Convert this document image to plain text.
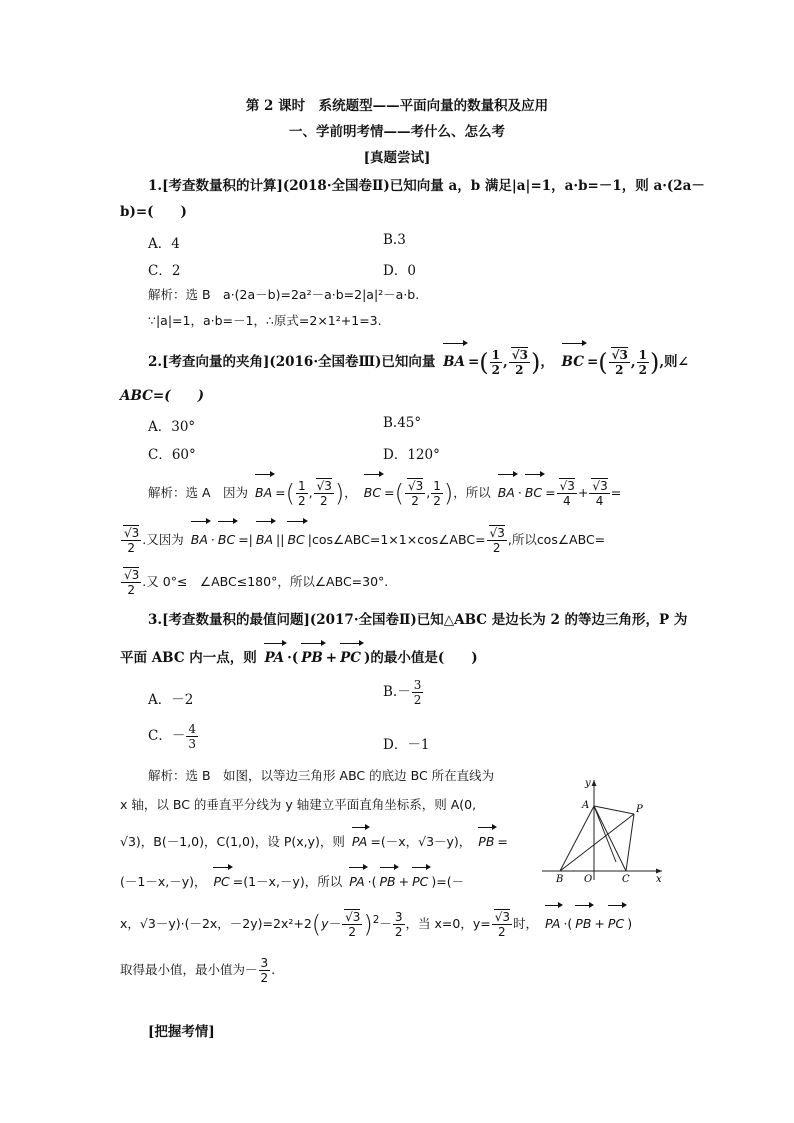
第 2 课时　系统题型——平面向量的数量积及应用
一、学前明考情——考什么、怎么考
[真题尝试]
1.[考查数量积的计算](2018·全国卷Ⅱ)已知向量 a，b 满足|a|=1，a·b=－1，则 a·(2a－
b)=(　　)
A．4	B.3
C．2	D．0
解析：选 B　a·(2a－b)=2a²－a·b=2|a|²－a·b.
∵|a|=1，a·b=－1，∴原式=2×1²+1=3.
2.[考查向量的夹角](2016·全国卷Ⅲ)已知向量 BA =( $\frac{1}{2}$ , $\frac{√3}{2}$ )， BC =( $\frac{√3}{2}$ , $\frac{1}{2}$ ),则∠
ABC=(　　)
A．30°	B.45°
C．60°	D．120°
解析：选 A　因为 BA =( $\frac{1}{2}$ , $\frac{√3}{2}$ )， BC =( $\frac{√3}{2}$ , $\frac{1}{2}$ )，所以 BA · BC = $\frac{√3}{4} + \frac{√3}{4}$ =
$\frac{√3}{2}$ .又因为 BA · BC =| BA || BC |cos∠ABC=1×1×cos∠ABC= $\frac{√3}{2}$ ,所以cos∠ABC=
$\frac{√3}{2}$ .又 0°≤　∠ABC≤180°，所以∠ABC=30°.
3.[考查数量积的最值问题](2017·全国卷Ⅱ)已知△ABC 是边长为 2 的等边三角形，P 为
平面 ABC 内一点，则 PA ·( PB + PC )的最小值是(　　)
A．－2	$B.- \frac{3}{2}$
C．－ $\frac{4}{3}$	D．－1
解析：选 B　如图，以等边三角形 ABC 的底边 BC 所在直线为
x 轴，以 BC 的垂直平分线为 y 轴建立平面直角坐标系，则 A(0,
√3)，B(－1,0)，C(1,0)，设 P(x,y)，则 PA =(－x，√3－y)， PB =
(－1－x,－y)， PC =(1－x,－y)，所以 PA ·( PB + PC )=(－
x，√3－y)·(－2x，$-2y)=2x^2+2(y- \frac{√3}{2} )^2- \frac{3}{2}$ ，当 x=0，$y= \frac{√3}{2}$ 时， PA ·( PB + PC )
取得最小值，最小值为－ $\frac{3}{2}$ .
[把握考情]
y
A	P
B O	C	x
